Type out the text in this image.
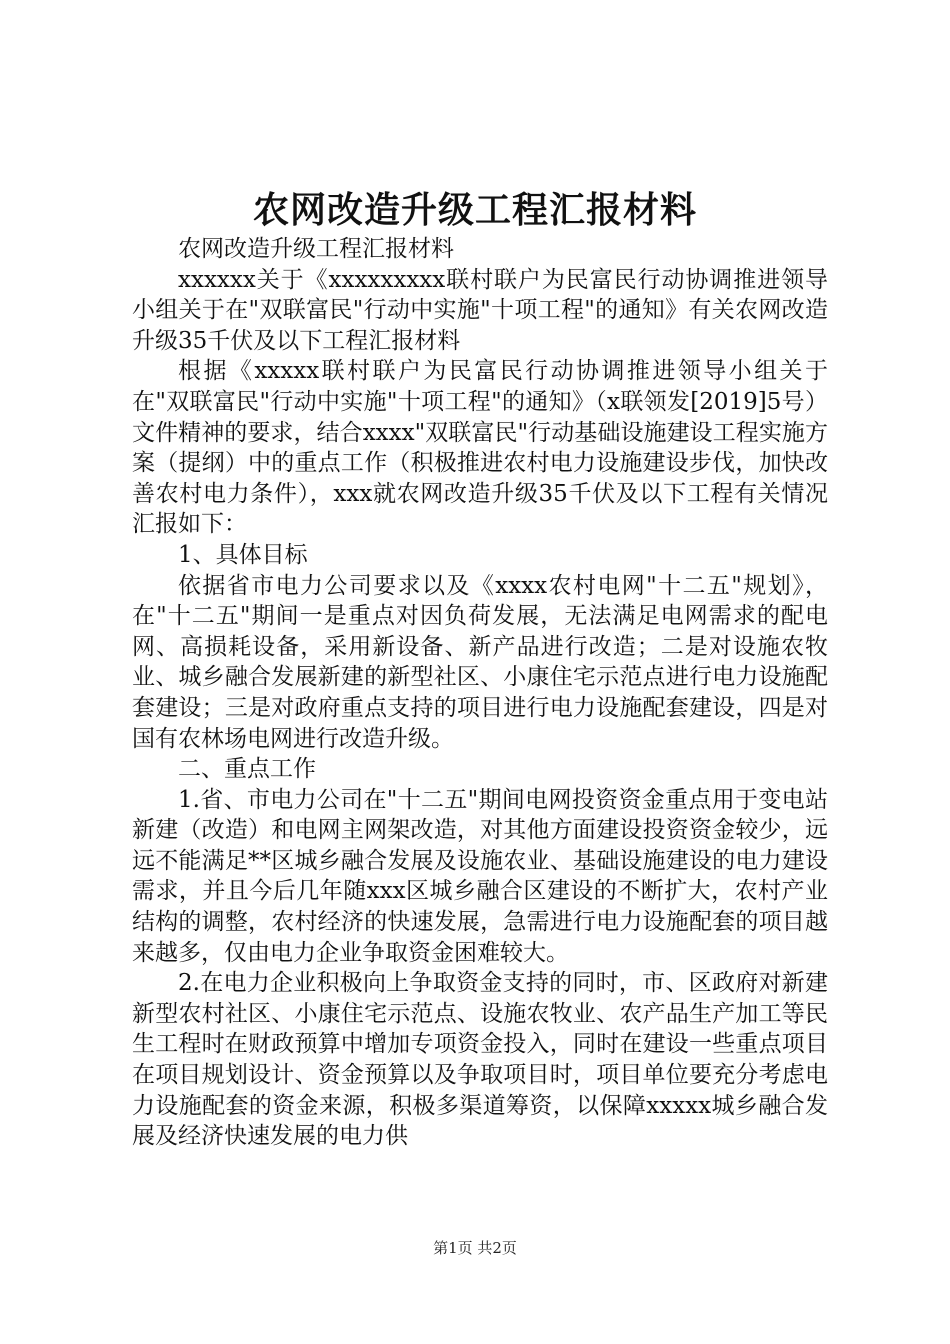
农网改造升级工程汇报材料

农网改造升级工程汇报材料

xxxxxx关于《xxxxxxxxx联村联户为民富民行动协调推进领导小组关于在"双联富民"行动中实施"十项工程"的通知》有关农网改造升级35千伏及以下工程汇报材料

根据《xxxxx联村联户为民富民行动协调推进领导小组关于在"双联富民"行动中实施"十项工程"的通知》（x联领发[2019]5号）文件精神的要求，结合xxxx"双联富民"行动基础设施建设工程实施方案（提纲）中的重点工作（积极推进农村电力设施建设步伐，加快改善农村电力条件），xxx就农网改造升级35千伏及以下工程有关情况汇报如下：

1、具体目标

依据省市电力公司要求以及《xxxx农村电网"十二五"规划》，在"十二五"期间一是重点对因负荷发展，无法满足电网需求的配电网、高损耗设备，采用新设备、新产品进行改造；二是对设施农牧业、城乡融合发展新建的新型社区、小康住宅示范点进行电力设施配套建设；三是对政府重点支持的项目进行电力设施配套建设，四是对国有农林场电网进行改造升级。

二、重点工作

1.省、市电力公司在"十二五"期间电网投资资金重点用于变电站新建（改造）和电网主网架改造，对其他方面建设投资资金较少，远远不能满足**区城乡融合发展及设施农业、基础设施建设的电力建设需求，并且今后几年随xxx区城乡融合区建设的不断扩大，农村产业结构的调整，农村经济的快速发展，急需进行电力设施配套的项目越来越多，仅由电力企业争取资金困难较大。

2.在电力企业积极向上争取资金支持的同时，市、区政府对新建新型农村社区、小康住宅示范点、设施农牧业、农产品生产加工等民生工程时在财政预算中增加专项资金投入，同时在建设一些重点项目在项目规划设计、资金预算以及争取项目时，项目单位要充分考虑电力设施配套的资金来源，积极多渠道筹资，以保障xxxxx城乡融合发展及经济快速发展的电力供

第1页 共2页
